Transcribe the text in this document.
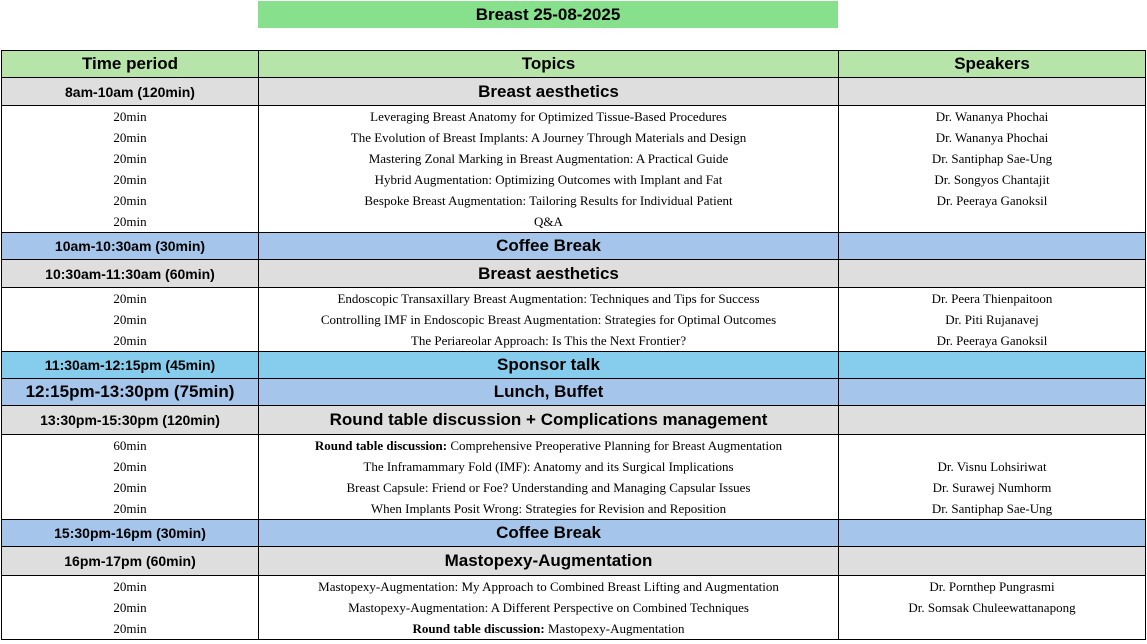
Breast 25-08-2025
Time period	Topics	Speakers
8am-10am (120min)	Breast aesthetics	
20min	Leveraging Breast Anatomy for Optimized Tissue-Based Procedures	Dr. Wananya Phochai
20min	The Evolution of Breast Implants: A Journey Through Materials and Design	Dr. Wananya Phochai
20min	Mastering Zonal Marking in Breast Augmentation: A Practical Guide	Dr. Santiphap Sae-Ung
20min	Hybrid Augmentation: Optimizing Outcomes with Implant and Fat	Dr. Songyos Chantajit
20min	Bespoke Breast Augmentation: Tailoring Results for Individual Patient	Dr. Peeraya Ganoksil
20min	Q&A	
10am-10:30am (30min)	Coffee Break	
10:30am-11:30am (60min)	Breast aesthetics	
20min	Endoscopic Transaxillary Breast Augmentation: Techniques and Tips for Success	Dr. Peera Thienpaitoon
20min	Controlling IMF in Endoscopic Breast Augmentation: Strategies for Optimal Outcomes	Dr. Piti Rujanavej
20min	The Periareolar Approach: Is This the Next Frontier?	Dr. Peeraya Ganoksil
11:30am-12:15pm (45min)	Sponsor talk	
12:15pm-13:30pm (75min)	Lunch, Buffet	
13:30pm-15:30pm (120min)	Round table discussion + Complications management	
60min	Round table discussion: Comprehensive Preoperative Planning for Breast Augmentation	
20min	The Inframammary Fold (IMF): Anatomy and its Surgical Implications	Dr. Visnu Lohsiriwat
20min	Breast Capsule: Friend or Foe? Understanding and Managing Capsular Issues	Dr. Surawej Numhorm
20min	When Implants Posit Wrong: Strategies for Revision and Reposition	Dr. Santiphap Sae-Ung
15:30pm-16pm (30min)	Coffee Break	
16pm-17pm (60min)	Mastopexy-Augmentation	
20min	Mastopexy-Augmentation: My Approach to Combined Breast Lifting and Augmentation	Dr. Pornthep Pungrasmi
20min	Mastopexy-Augmentation: A Different Perspective on Combined Techniques	Dr. Somsak Chuleewattanapong
20min	Round table discussion: Mastopexy-Augmentation	
